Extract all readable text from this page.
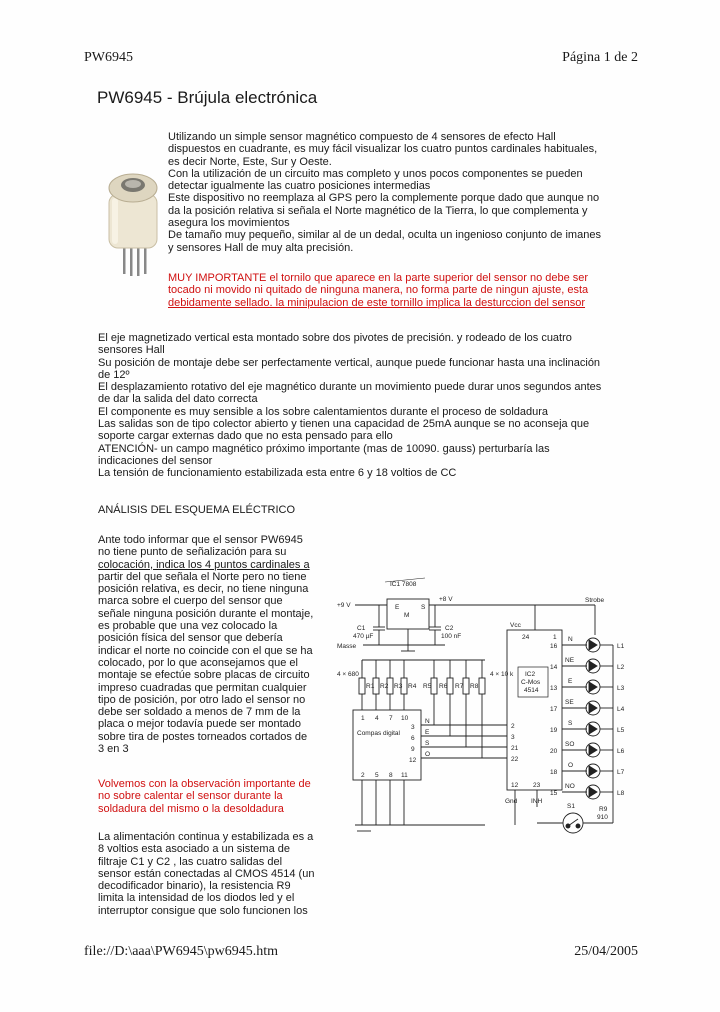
PW6945	Página 1 de 2
PW6945 - Brújula electrónica
Utilizando un simple sensor magnético compuesto de 4 sensores de efecto Hall
dispuestos en cuadrante, es muy fácil visualizar los cuatro puntos cardinales habituales,
es decir Norte, Este, Sur y Oeste.
Con la utilización de un circuito mas completo y unos pocos componentes se pueden
detectar igualmente las cuatro posiciones intermedias
Este dispositivo no reemplaza al GPS pero la complemente porque dado que aunque no
da la posición relativa si señala el Norte magnético de la Tierra, lo que complementa y
asegura los movimientos
De tamaño muy pequeño, similar al de un dedal, oculta un ingenioso conjunto de imanes
y sensores Hall de muy alta precisión.
MUY IMPORTANTE el tornilo que aparece en la parte superior del sensor no debe ser
tocado ni movido ni quitado de ninguna manera, no forma parte de ningun ajuste, esta
debidamente sellado. la minipulacion de este tornillo implica la desturccion del sensor
El eje magnetizado vertical esta montado sobre dos pivotes de precisión. y rodeado de los cuatro
sensores Hall
Su posición de montaje debe ser perfectamente vertical, aunque puede funcionar hasta una inclinación
de 12º
El desplazamiento rotativo del eje magnético durante un movimiento puede durar unos segundos antes
de dar la salida del dato correcta
El componente es muy sensible a los sobre calentamientos durante el proceso de soldadura
Las salidas son de tipo colector abierto y tienen una capacidad de 25mA aunque se no aconseja que
soporte cargar externas dado que no esta pensado para ello
ATENCIÓN- un campo magnético próximo importante (mas de 10090. gauss) perturbaría las
indicaciones del sensor
La tensión de funcionamiento estabilizada esta entre 6 y 18 voltios de CC
ANÁLISIS DEL ESQUEMA ELÉCTRICO
Ante todo informar que el sensor PW6945
no tiene punto de señalización para su
colocación, indica los 4 puntos cardinales a
partir del que señala el Norte pero no tiene
posición relativa, es decir, no tiene ninguna
marca sobre el cuerpo del sensor que
señale ninguna posición durante el montaje,
es probable que una vez colocado la
posición física del sensor que debería
indicar el norte no coincide con el que se ha
colocado, por lo que aconsejamos que el
montaje se efectúe sobre placas de circuito
impreso cuadradas que permitan cualquier
tipo de posición, por otro lado el sensor no
debe ser soldado a menos de 7 mm de la
placa o mejor todavía puede ser montado
sobre tira de postes torneados cortados de
3 en 3
Volvemos con la observación importante de
no sobre calentar el sensor durante la
soldadura del mismo o la desoldadura
La alimentación continua y estabilizada es a
8 voltios esta asociado a un sistema de
filtraje C1 y C2 , las cuatro salidas del
sensor están conectadas al CMOS 4514 (un
decodificador binario), la resistencia R9
limita la intensidad de los diodos led y el
interruptor consigue que solo funcionen los
IC1 7808
E
M
S
+9 V
+8 V	Strobe
C1
470 µF
C2
100 nF
Masse
4 × 680	4 × 10 k
R1 R2 R3 R4 R5 R6 R7 R8
Compas digital
1 4 7 10
2 5 8 11
3
6
9
12
N
E
S
O
Vcc
24	1
IC2
C-Mos
4514
2
3
21
22
12 23
Gnd INH
16
14
13
17
19
20
18
15
N
NE
E
SE
S
SO
O
NO
L1
L2
L3
L4
L5
L6
L7
L8
S1	R9
910
file://D:\aaa\PW6945\pw6945.htm	25/04/2005
